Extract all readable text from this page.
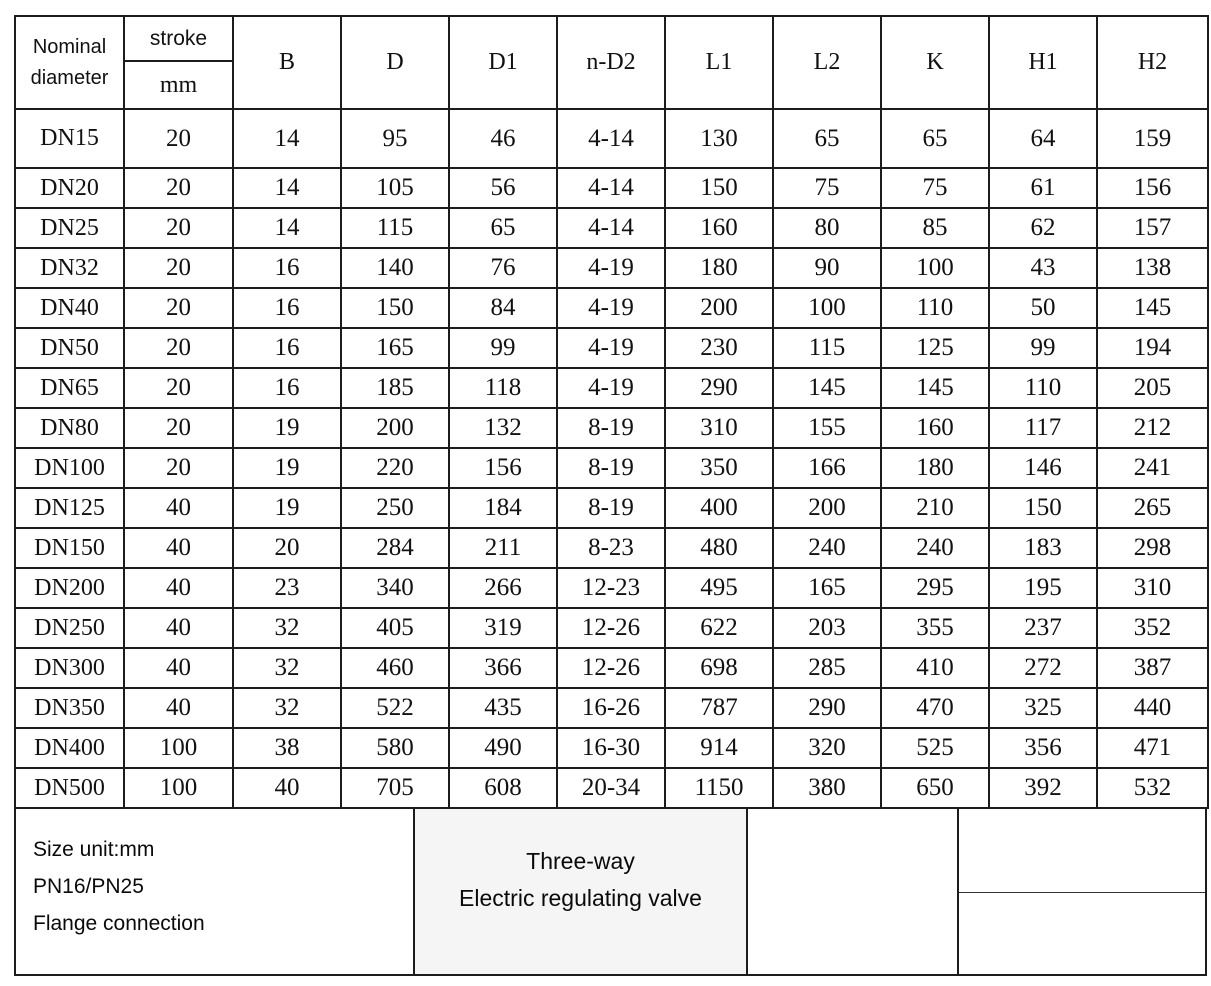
Nominal
diameter	stroke	B	D	D1	n-D2	L1	L2	K	H1	H2
	mm									
DN15	20	14	95	46	4-14	130	65	65	64	159
DN20	20	14	105	56	4-14	150	75	75	61	156
DN25	20	14	115	65	4-14	160	80	85	62	157
DN32	20	16	140	76	4-19	180	90	100	43	138
DN40	20	16	150	84	4-19	200	100	110	50	145
DN50	20	16	165	99	4-19	230	115	125	99	194
DN65	20	16	185	118	4-19	290	145	145	110	205
DN80	20	19	200	132	8-19	310	155	160	117	212
DN100	20	19	220	156	8-19	350	166	180	146	241
DN125	40	19	250	184	8-19	400	200	210	150	265
DN150	40	20	284	211	8-23	480	240	240	183	298
DN200	40	23	340	266	12-23	495	165	295	195	310
DN250	40	32	405	319	12-26	622	203	355	237	352
DN300	40	32	460	366	12-26	698	285	410	272	387
DN350	40	32	522	435	16-26	787	290	470	325	440
DN400	100	38	580	490	16-30	914	320	525	356	471
DN500	100	40	705	608	20-34	1150	380	650	392	532
Size unit:mm
PN16/PN25
Flange connection
Three-way
Electric regulating valve
